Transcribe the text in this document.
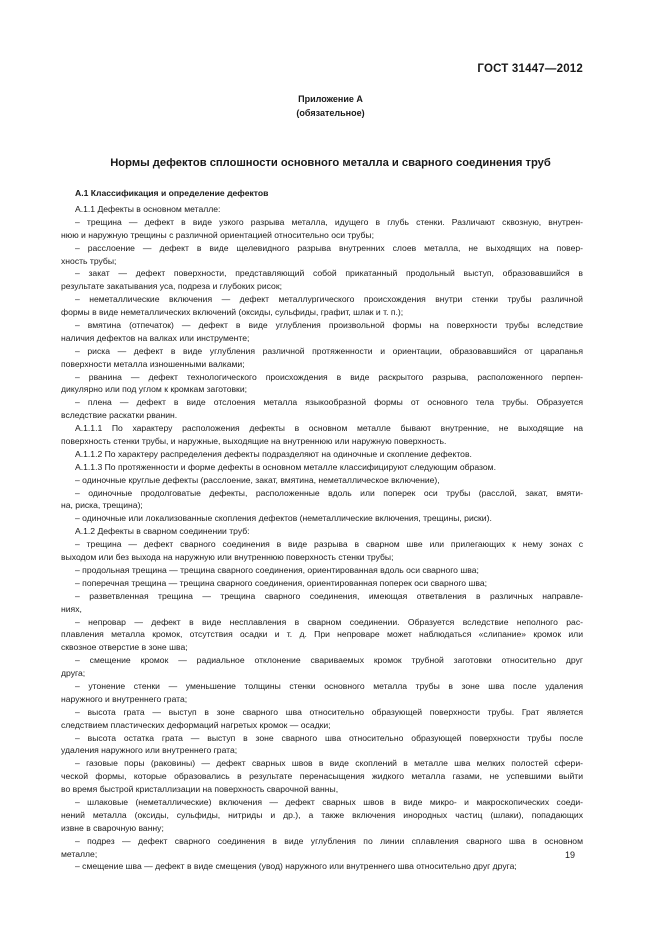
ГОСТ 31447—2012
Приложение А
(обязательное)
Нормы дефектов сплошности основного металла и сварного соединения труб
А.1 Классификация и определение дефектов
А.1.1 Дефекты в основном металле:
– трещина — дефект в виде узкого разрыва металла, идущего в глубь стенки. Различают сквозную, внутрен-
нюю и наружную трещины с различной ориентацией относительно оси трубы;
– расслоение — дефект в виде щелевидного разрыва внутренних слоев металла, не выходящих на повер-
хность трубы;
– закат — дефект поверхности, представляющий собой прикатанный продольный выступ, образовавшийся в
результате закатывания уса, подреза и глубоких рисок;
– неметаллические включения — дефект металлургического происхождения внутри стенки трубы различной
формы в виде неметаллических включений (оксиды, сульфиды, графит, шлак и т. п.);
– вмятина (отпечаток) — дефект в виде углубления произвольной формы на поверхности трубы вследствие
наличия дефектов на валках или инструменте;
– риска — дефект в виде углубления различной протяженности и ориентации, образовавшийся от царапанья
поверхности металла изношенными валками;
– рванина — дефект технологического происхождения в виде раскрытого разрыва, расположенного перпен-
дикулярно или под углом к кромкам заготовки;
– плена — дефект в виде отслоения металла языкообразной формы от основного тела трубы. Образуется
вследствие раскатки рванин.
А.1.1.1 По характеру расположения дефекты в основном металле бывают внутренние, не выходящие на
поверхность стенки трубы, и наружные, выходящие на внутреннюю или наружную поверхность.
А.1.1.2 По характеру распределения дефекты подразделяют на одиночные и скопление дефектов.
А.1.1.3 По протяженности и форме дефекты в основном металле классифицируют следующим образом.
– одиночные круглые дефекты (расслоение, закат, вмятина, неметаллическое включение),
– одиночные продолговатые дефекты, расположенные вдоль или поперек оси трубы (расслой, закат, вмяти-
на, риска, трещина);
– одиночные или локализованные скопления дефектов (неметаллические включения, трещины, риски).
А.1.2 Дефекты в сварном соединении труб:
– трещина — дефект сварного соединения в виде разрыва в сварном шве или прилегающих к нему зонах с
выходом или без выхода на наружную или внутреннюю поверхность стенки трубы;
– продольная трещина — трещина сварного соединения, ориентированная вдоль оси сварного шва;
– поперечная трещина — трещина сварного соединения, ориентированная поперек оси сварного шва;
– разветвленная трещина — трещина сварного соединения, имеющая ответвления в различных направле-
ниях,
– непровар — дефект в виде несплавления в сварном соединении. Образуется вследствие неполного рас-
плавления металла кромок, отсутствия осадки и т. д. При непроваре может наблюдаться «слипание» кромок или
сквозное отверстие в зоне шва;
– смещение кромок — радиальное отклонение свариваемых кромок трубной заготовки относительно друг
друга;
– утонение стенки — уменьшение толщины стенки основного металла трубы в зоне шва после удаления
наружного и внутреннего грата;
– высота грата — выступ в зоне сварного шва относительно образующей поверхности трубы. Грат является
следствием пластических деформаций нагретых кромок — осадки;
– высота остатка грата — выступ в зоне сварного шва относительно образующей поверхности трубы после
удаления наружного или внутреннего грата;
– газовые поры (раковины) — дефект сварных швов в виде скоплений в металле шва мелких полостей сфери-
ческой формы, которые образовались в результате перенасыщения жидкого металла газами, не успевшими выйти
во время быстрой кристаллизации на поверхность сварочной ванны,
– шлаковые (неметаллические) включения — дефект сварных швов в виде микро- и макроскопических соеди-
нений металла (оксиды, сульфиды, нитриды и др.), а также включения инородных частиц (шлаки), попадающих
извне в сварочную ванну;
– подрез — дефект сварного соединения в виде углубления по линии сплавления сварного шва в основном
металле;
– смещение шва — дефект в виде смещения (увод) наружного или внутреннего шва относительно друг друга;
19
